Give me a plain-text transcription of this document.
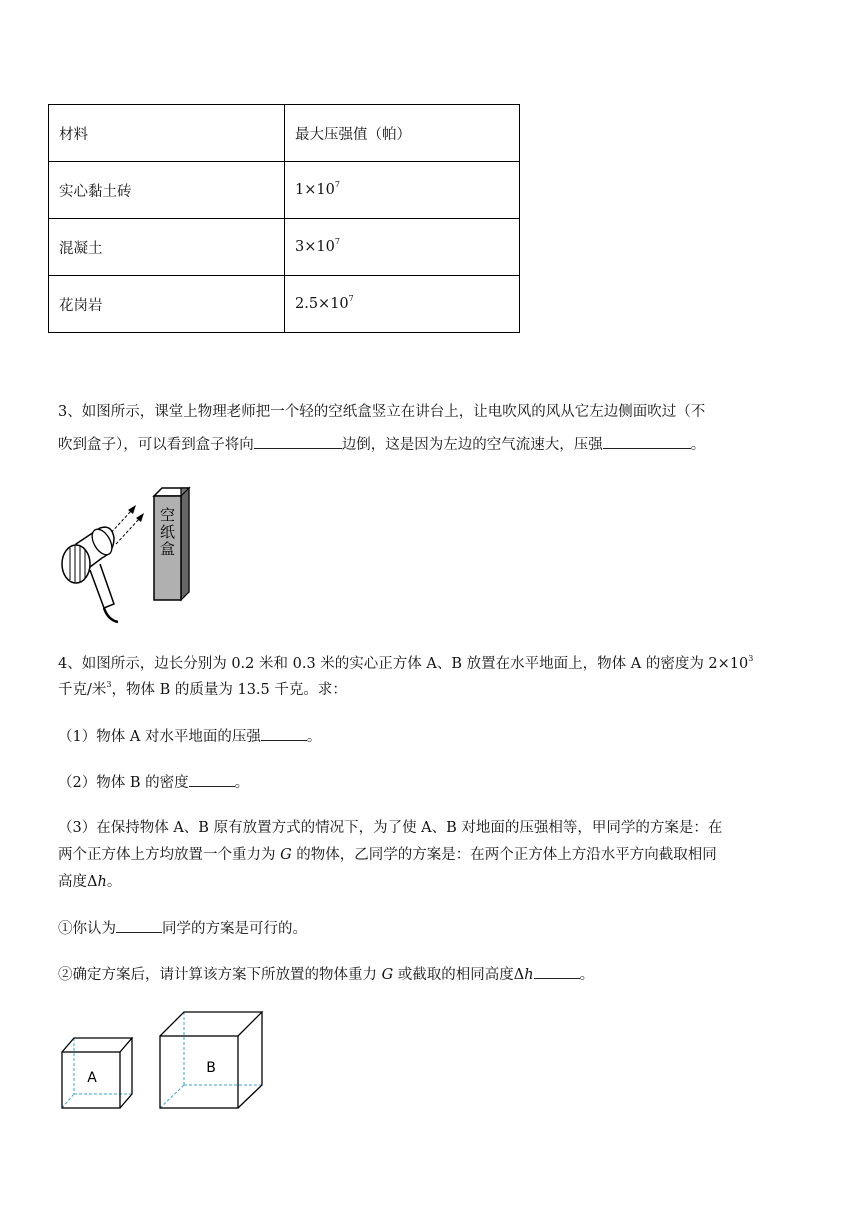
材料	最大压强值（帕）
实心黏土砖	$1\times 10^7$
混凝土	$3\times 10^7$
花岗岩	$2.5\times 10^7$
3、如图所示，课堂上物理老师把一个轻的空纸盒竖立在讲台上，让电吹风的风从它左边侧面吹过（不
吹到盒子），可以看到盒子将向	边倒，这是因为左边的空气流速大，压强	。
空
纸
盒
4、如图所示，边长分别为 0.2 米和 0.3 米的实心正方体 A、B 放置在水平地面上，物体 A 的密度为 $2\times 10^3$
千克/米$^3$，物体 B 的质量为 13.5 千克。求：
（1）物体 A 对水平地面的压强	。
（2）物体 B 的密度	。
（3）在保持物体 A、B 原有放置方式的情况下，为了使 A、B 对地面的压强相等，甲同学的方案是：在
两个正方体上方均放置一个重力为 G 的物体，乙同学的方案是：在两个正方体上方沿水平方向截取相同
高度Δh。
①你认为	同学的方案是可行的。
②确定方案后，请计算该方案下所放置的物体重力 G 或截取的相同高度Δh	。
A
B
